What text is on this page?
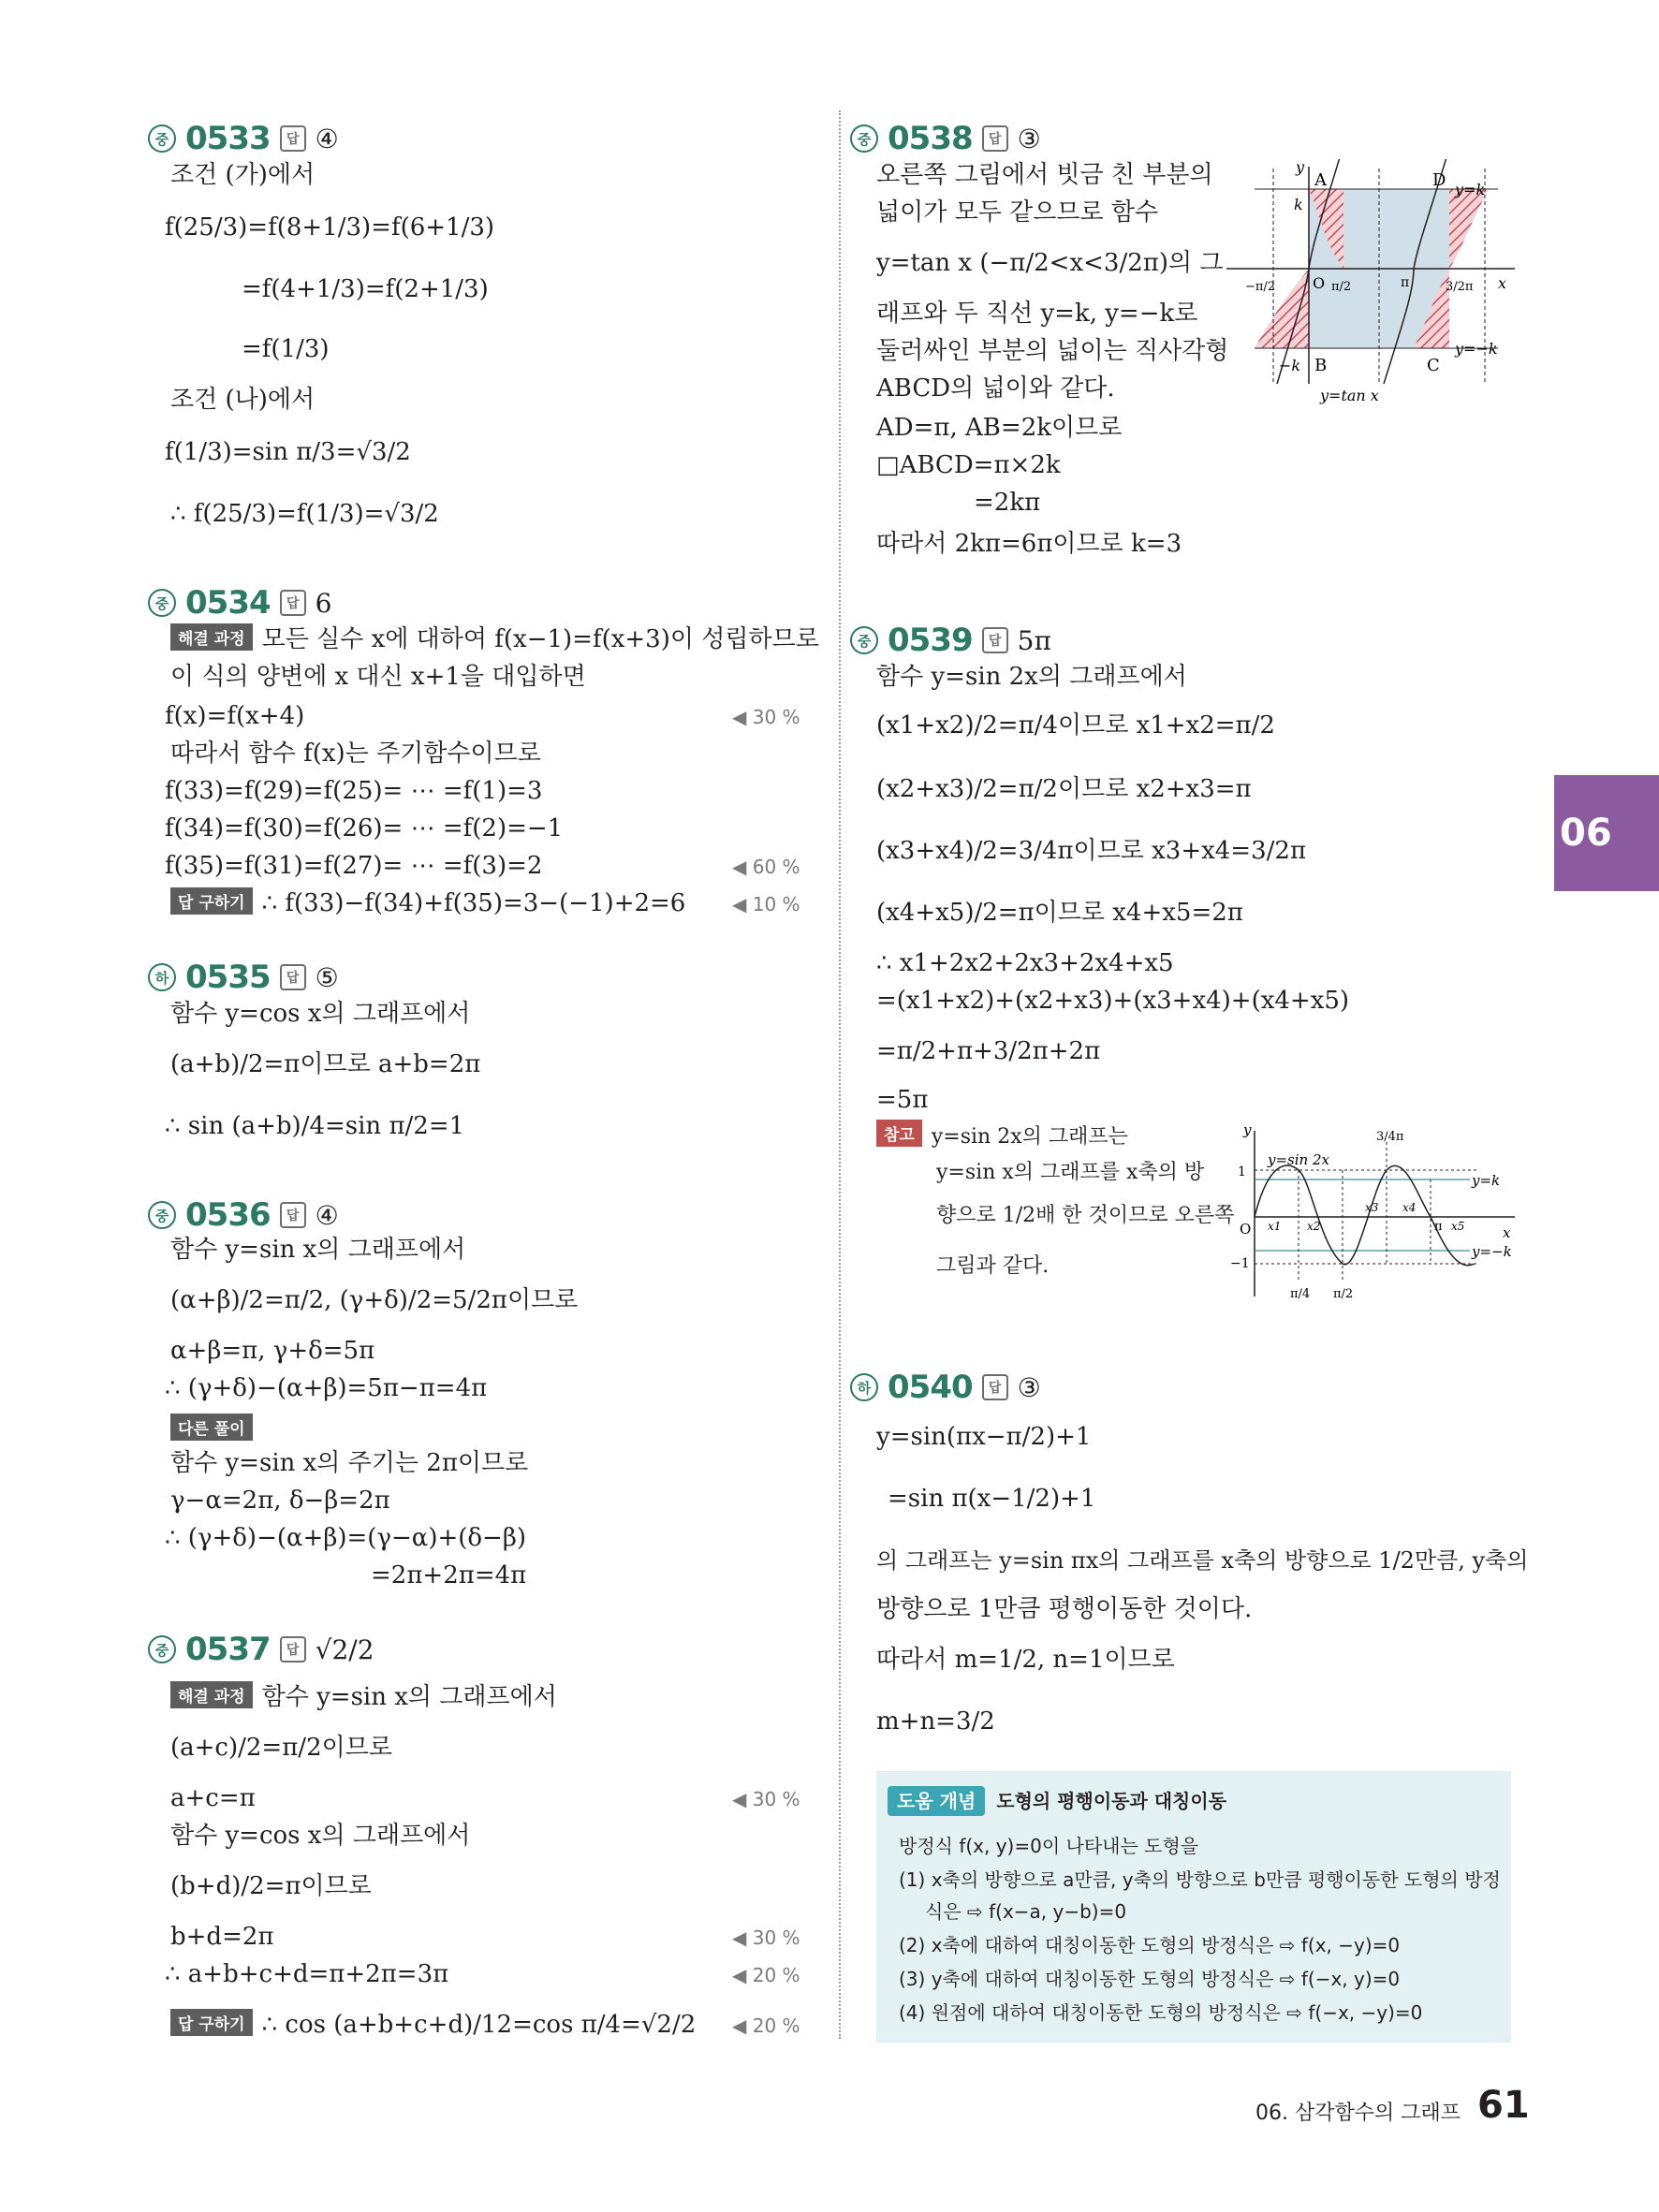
중 0533	답 ④
조건 (가)에서
f(25/3)=f(8+1/3)=f(6+1/3)
=f(4+1/3)=f(2+1/3)
=f(1/3)
조건 (나)에서
f(1/3)=sin π/3=√3/2
∴ f(25/3)=f(1/3)=√3/2
중 0534	답 6
해결 과정 모든 실수 x에 대하여 f(x−1)=f(x+3)이 성립하므로
이 식의 양변에 x 대신 x+1을 대입하면
f(x)=f(x+4)	◀ 30 %
따라서 함수 f(x)는 주기함수이므로
f(33)=f(29)=f(25)= ⋯ =f(1)=3
f(34)=f(30)=f(26)= ⋯ =f(2)=−1
f(35)=f(31)=f(27)= ⋯ =f(3)=2	◀ 60 %
답 구하기 ∴ f(33)−f(34)+f(35)=3−(−1)+2=6 ◀ 10 %
하 0535	답 ⑤
함수 y=cos x의 그래프에서
(a+b)/2=π이므로 a+b=2π
∴ sin (a+b)/4=sin π/2=1
중 0536	답 ④
함수 y=sin x의 그래프에서
(α+β)/2=π/2, (γ+δ)/2=5/2π이므로
α+β=π, γ+δ=5π
∴ (γ+δ)−(α+β)=5π−π=4π
다른 풀이
함수 y=sin x의 주기는 2π이므로
γ−α=2π, δ−β=2π
∴ (γ+δ)−(α+β)=(γ−α)+(δ−β)
=2π+2π=4π
중 0537	답 √2/2
해결 과정 함수 y=sin x의 그래프에서
(a+c)/2=π/2이므로
a+c=π	◀ 30 %
함수 y=cos x의 그래프에서
(b+d)/2=π이므로
b+d=2π	◀ 30 %
∴ a+b+c+d=π+2π=3π	◀ 20 %
답 구하기 ∴ cos (a+b+c+d)/12=cos π/4=√2/2 ◀ 20 %
중 0538	답 ③
오른쪽 그림에서 빗금 친 부분의
넓이가 모두 같으므로 함수
y=tan x (−π/2<x<3/2π)의 그
래프와 두 직선 y=k, y=−k로
둘러싸인 부분의 넓이는 직사각형
ABCD의 넓이와 같다.
AD=π, AB=2k이므로
□ABCD=π×2k
=2kπ
따라서 2kπ=6π이므로 k=3
y
A
B	C
D
O
k
−k
y=k
y=−k
y=tan x
x
−π/2	π/2	π	3/2π
중 0539	답 5π
함수 y=sin 2x의 그래프에서
(x1+x2)/2=π/4이므로 x1+x2=π/2
(x2+x3)/2=π/2이므로 x2+x3=π
(x3+x4)/2=3/4π이므로 x3+x4=3/2π
(x4+x5)/2=π이므로 x4+x5=2π
∴ x1+2x2+2x3+2x4+x5
=(x1+x2)+(x2+x3)+(x3+x4)+(x4+x5)
=π/2+π+3/2π+2π
=5π
참고 y=sin 2x의 그래프는
y=sin x의 그래프를 x축의 방
향으로 1/2배 한 것이므로 오른쪽
그림과 같다.
y
x
y=sin 2x
3/4π
1
−1
O
y=k
y=−k
π/4 π/2
π
x1 x2
x3 x4
x5
하 0540	답 ③
y=sin(πx−π/2)+1
=sin π(x−1/2)+1
의 그래프는 y=sin πx의 그래프를 x축의 방향으로 1/2만큼, y축의
방향으로 1만큼 평행이동한 것이다.
따라서 m=1/2, n=1이므로
m+n=3/2
도움 개념 도형의 평행이동과 대칭이동
방정식 f(x, y)=0이 나타내는 도형을
(1) x축의 방향으로 a만큼, y축의 방향으로 b만큼 평행이동한 도형의 방정
식은 ⇨ f(x−a, y−b)=0
(2) x축에 대하여 대칭이동한 도형의 방정식은 ⇨ f(x, −y)=0
(3) y축에 대하여 대칭이동한 도형의 방정식은 ⇨ f(−x, y)=0
(4) 원점에 대하여 대칭이동한 도형의 방정식은 ⇨ f(−x, −y)=0
06
06. 삼각함수의 그래프 61
